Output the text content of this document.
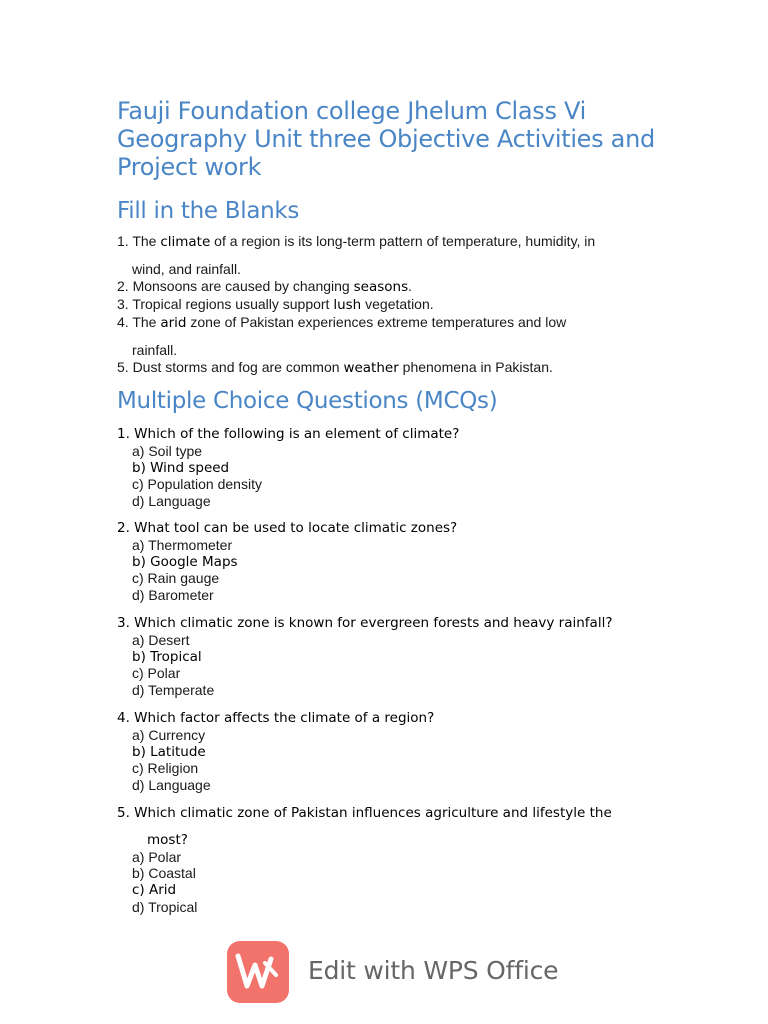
Fauji Foundation college Jhelum Class Vi Geography Unit three Objective Activities and Project work
Fill in the Blanks
1. The climate of a region is its long-term pattern of temperature, humidity, in
wind, and rainfall.
2. Monsoons are caused by changing seasons.
3. Tropical regions usually support lush vegetation.
4. The arid zone of Pakistan experiences extreme temperatures and low
rainfall.
5. Dust storms and fog are common weather phenomena in Pakistan.
Multiple Choice Questions (MCQs)
1. Which of the following is an element of climate?
a) Soil type
b) Wind speed
c) Population density
d) Language
2. What tool can be used to locate climatic zones?
a) Thermometer
b) Google Maps
c) Rain gauge
d) Barometer
3. Which climatic zone is known for evergreen forests and heavy rainfall?
a) Desert
b) Tropical
c) Polar
d) Temperate
4. Which factor affects the climate of a region?
a) Currency
b) Latitude
c) Religion
d) Language
5. Which climatic zone of Pakistan influences agriculture and lifestyle the
most?
a) Polar
b) Coastal
c) Arid
d) Tropical
Edit with WPS Office
